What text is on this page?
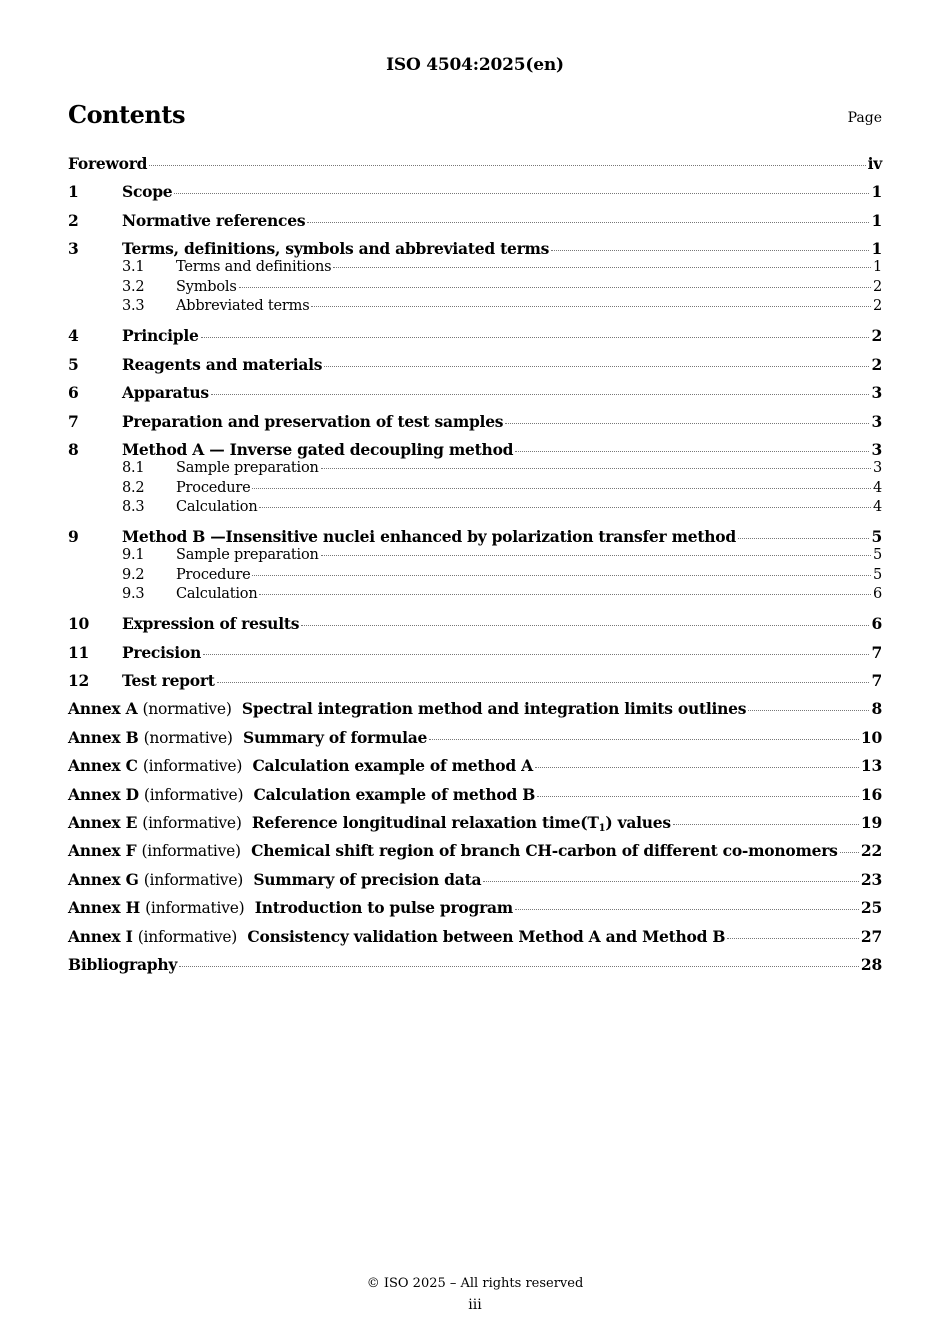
ISO 4504:2025(en)
Contents	Page
Foreword	iv
1	Scope	1
2	Normative references	1
3	Terms, definitions, symbols and abbreviated terms	1
3.1	Terms and definitions	1
3.2	Symbols	2
3.3	Abbreviated terms	2
4	Principle	2
5	Reagents and materials	2
6	Apparatus	3
7	Preparation and preservation of test samples	3
8	Method A — Inverse gated decoupling method	3
8.1	Sample preparation	3
8.2	Procedure	4
8.3	Calculation	4
9	Method B —Insensitive nuclei enhanced by polarization transfer method	5
9.1	Sample preparation	5
9.2	Procedure	5
9.3	Calculation	6
10	Expression of results	6
11	Precision	7
12	Test report	7
Annex A (normative) Spectral integration method and integration limits outlines	8
Annex B (normative) Summary of formulae	10
Annex C (informative) Calculation example of method A	13
Annex D (informative) Calculation example of method B	16
Annex E (informative) Reference longitudinal relaxation $time(T_1)$ values	19
Annex F (informative) Chemical shift region of branch CH-carbon of different co-monomers 22
Annex G (informative) Summary of precision data	23
Annex H (informative) Introduction to pulse program	25
Annex I (informative) Consistency validation between Method A and Method B	27
Bibliography	28
© ISO 2025 – All rights reserved
iii
